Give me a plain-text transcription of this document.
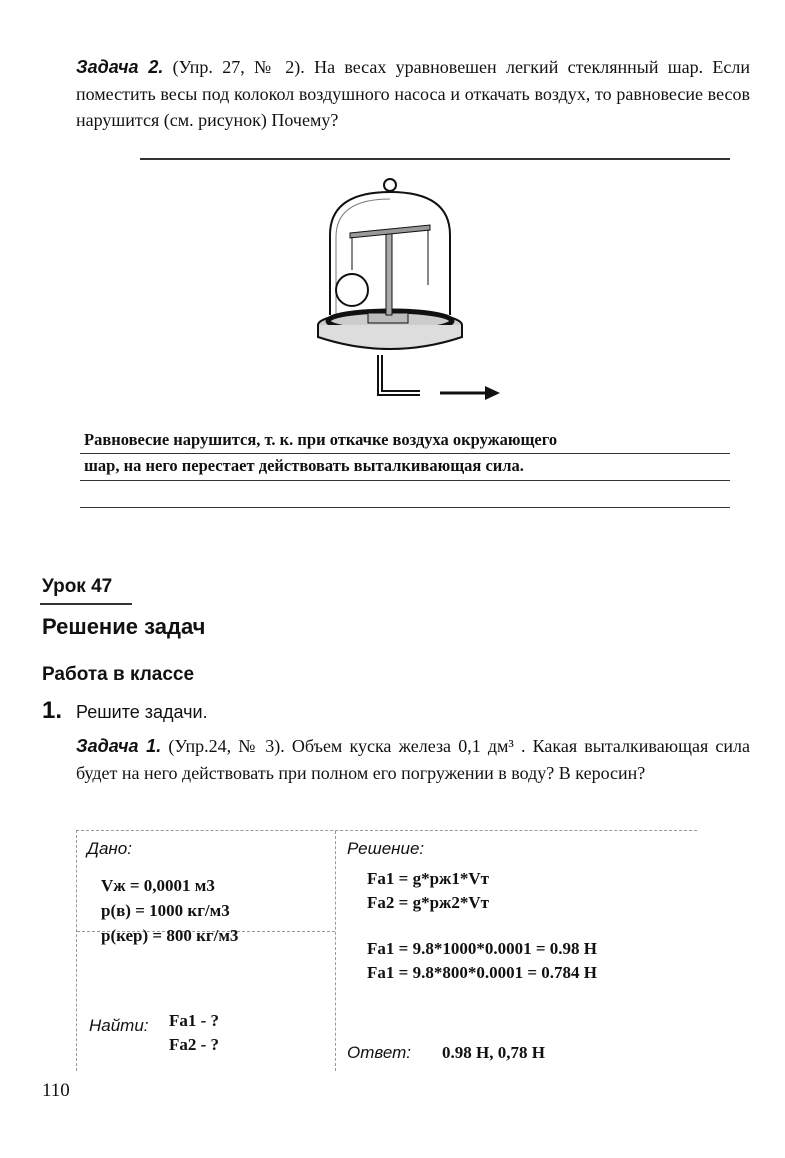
Задача 2. (Упр. 27, № 2). На весах уравновешен легкий стеклянный шар. Если поместить весы под колокол воздушного насоса и откачать воздух, то равновесие весов нарушится (см. рисунок) Почему?
Равновесие нарушится, т. к. при откачке воздуха окружающего
шар, на него перестает действовать выталкивающая сила.
Урок 47
Решение задач
Работа в классе
1. Решите задачи.
Задача 1. (Упр.24, № 3). Объем куска железа 0,1 дм³ . Какая выталкивающая сила будет на него действовать при полном его погружении в воду? В керосин?
Дано:
Vж = 0,0001 м3
р(в) = 1000 кг/м3
р(кер) = 800 кг/м3
Найти: Fa1 - ?
Fa2 - ?
Решение:
Fa1 = g*рж1*Vт
Fa2 = g*рж2*Vт
Fa1 = 9.8*1000*0.0001 = 0.98 Н
Fa1 = 9.8*800*0.0001 = 0.784 Н
Ответ: 0.98 Н, 0,78 Н
110
